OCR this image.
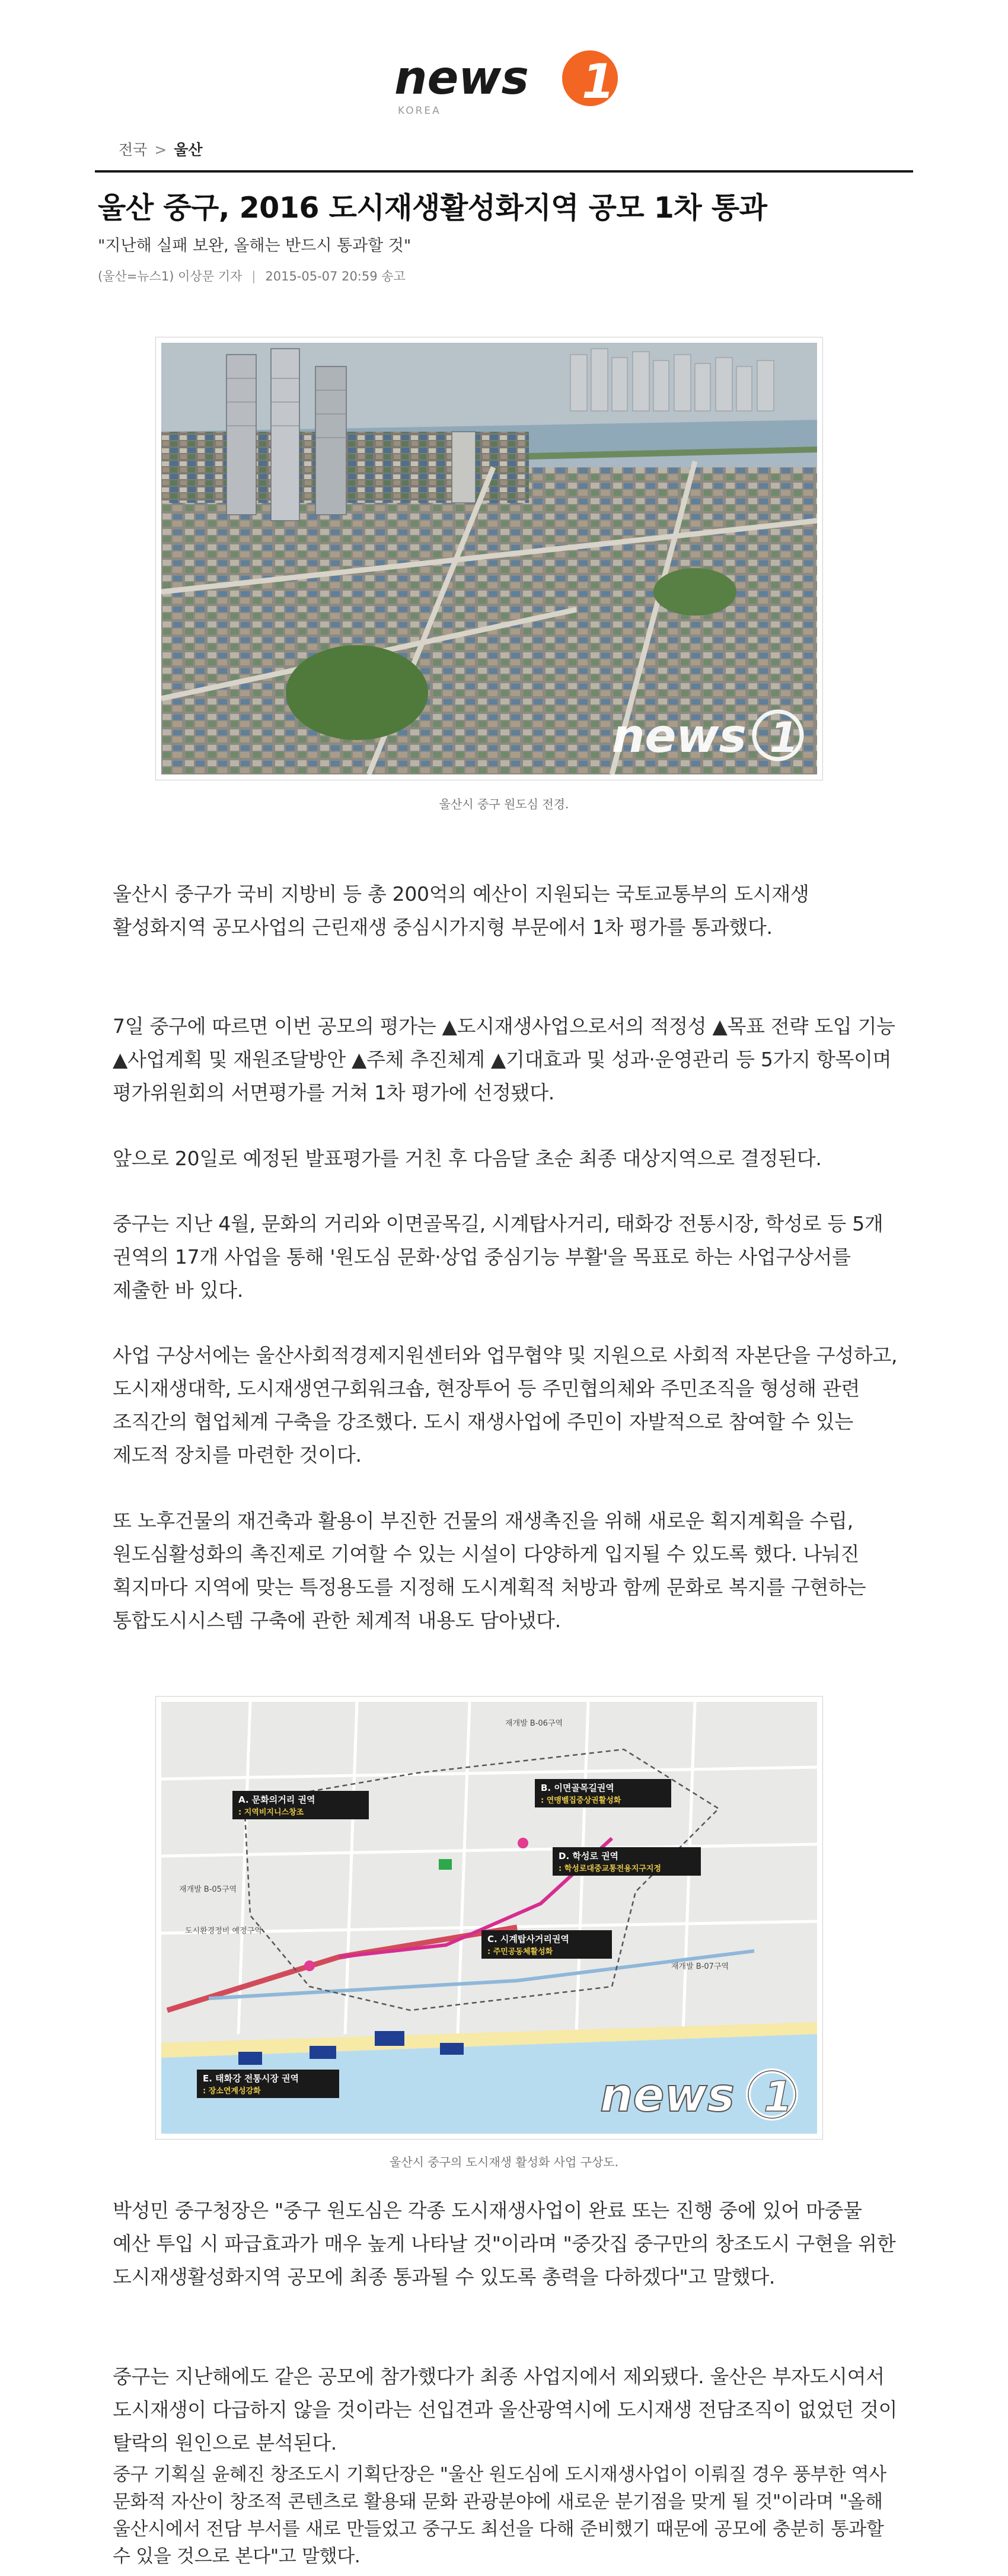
news 1
KOREA
전국 > 울산
울산 중구, 2016 도시재생활성화지역 공모 1차 통과
"지난해 실패 보완, 올해는 반드시 통과할 것"
(울산=뉴스1) 이상문 기자 | 2015-05-07 20:59 송고
news 1
울산시 중구 원도심 전경.

울산시 중구가 국비 지방비 등 총 200억의 예산이 지원되는 국토교통부의 도시재생 활성화지역 공모사업의 근린재생 중심시가지형 부문에서 1차 평가를 통과했다.

7일 중구에 따르면 이번 공모의 평가는 ▲도시재생사업으로서의 적정성 ▲목표 전략 도입 기능 ▲사업계획 및 재원조달방안 ▲주체 추진체계 ▲기대효과 및 성과·운영관리 등 5가지 항목이며 평가위원회의 서면평가를 거쳐 1차 평가에 선정됐다.

앞으로 20일로 예정된 발표평가를 거친 후 다음달 초순 최종 대상지역으로 결정된다.

중구는 지난 4월, 문화의 거리와 이면골목길, 시계탑사거리, 태화강 전통시장, 학성로 등 5개 권역의 17개 사업을 통해 '원도심 문화·상업 중심기능 부활'을 목표로 하는 사업구상서를 제출한 바 있다.

사업 구상서에는 울산사회적경제지원센터와 업무협약 및 지원으로 사회적 자본단을 구성하고, 도시재생대학, 도시재생연구회워크숍, 현장투어 등 주민협의체와 주민조직을 형성해 관련 조직간의 협업체계 구축을 강조했다. 도시 재생사업에 주민이 자발적으로 참여할 수 있는 제도적 장치를 마련한 것이다.

또 노후건물의 재건축과 활용이 부진한 건물의 재생촉진을 위해 새로운 획지계획을 수립, 원도심활성화의 촉진제로 기여할 수 있는 시설이 다양하게 입지될 수 있도록 했다. 나눠진 획지마다 지역에 맞는 특정용도를 지정해 도시계획적 처방과 함께 문화로 복지를 구현하는 통합도시시스템 구축에 관한 체계적 내용도 담아냈다.

재개발 B-05구역
재개발 B-07구역
재개발 B-06구역
도시환경정비 예정구역
A. 문화의거리 권역
: 지역비지니스창조
B. 이면골목길권역
: 연맹벨집중상권활성화
D. 학성로 권역
: 학성로대중교통전용지구지정
C. 시계탑사거리권역
: 주민공동체활성화
E. 태화강 전통시장 권역
: 장소연계성강화	news 1
울산시 중구의 도시재생 활성화 사업 구상도.

박성민 중구청장은 "중구 원도심은 각종 도시재생사업이 완료 또는 진행 중에 있어 마중물 예산 투입 시 파급효과가 매우 높게 나타날 것"이라며 "중갓집 중구만의 창조도시 구현을 위한 도시재생활성화지역 공모에 최종 통과될 수 있도록 총력을 다하겠다"고 말했다.

중구는 지난해에도 같은 공모에 참가했다가 최종 사업지에서 제외됐다. 울산은 부자도시여서 도시재생이 다급하지 않을 것이라는 선입견과 울산광역시에 도시재생 전담조직이 없었던 것이 탈락의 원인으로 분석된다.

중구 기획실 윤혜진 창조도시 기획단장은 "울산 원도심에 도시재생사업이 이뤄질 경우 풍부한 역사 문화적 자산이 창조적 콘텐츠로 활용돼 문화 관광분야에 새로운 분기점을 맞게 될 것"이라며 "올해 울산시에서 전담 부서를 새로 만들었고 중구도 최선을 다해 준비했기 때문에 공모에 충분히 통과할 수 있을 것으로 본다"고 말했다.
